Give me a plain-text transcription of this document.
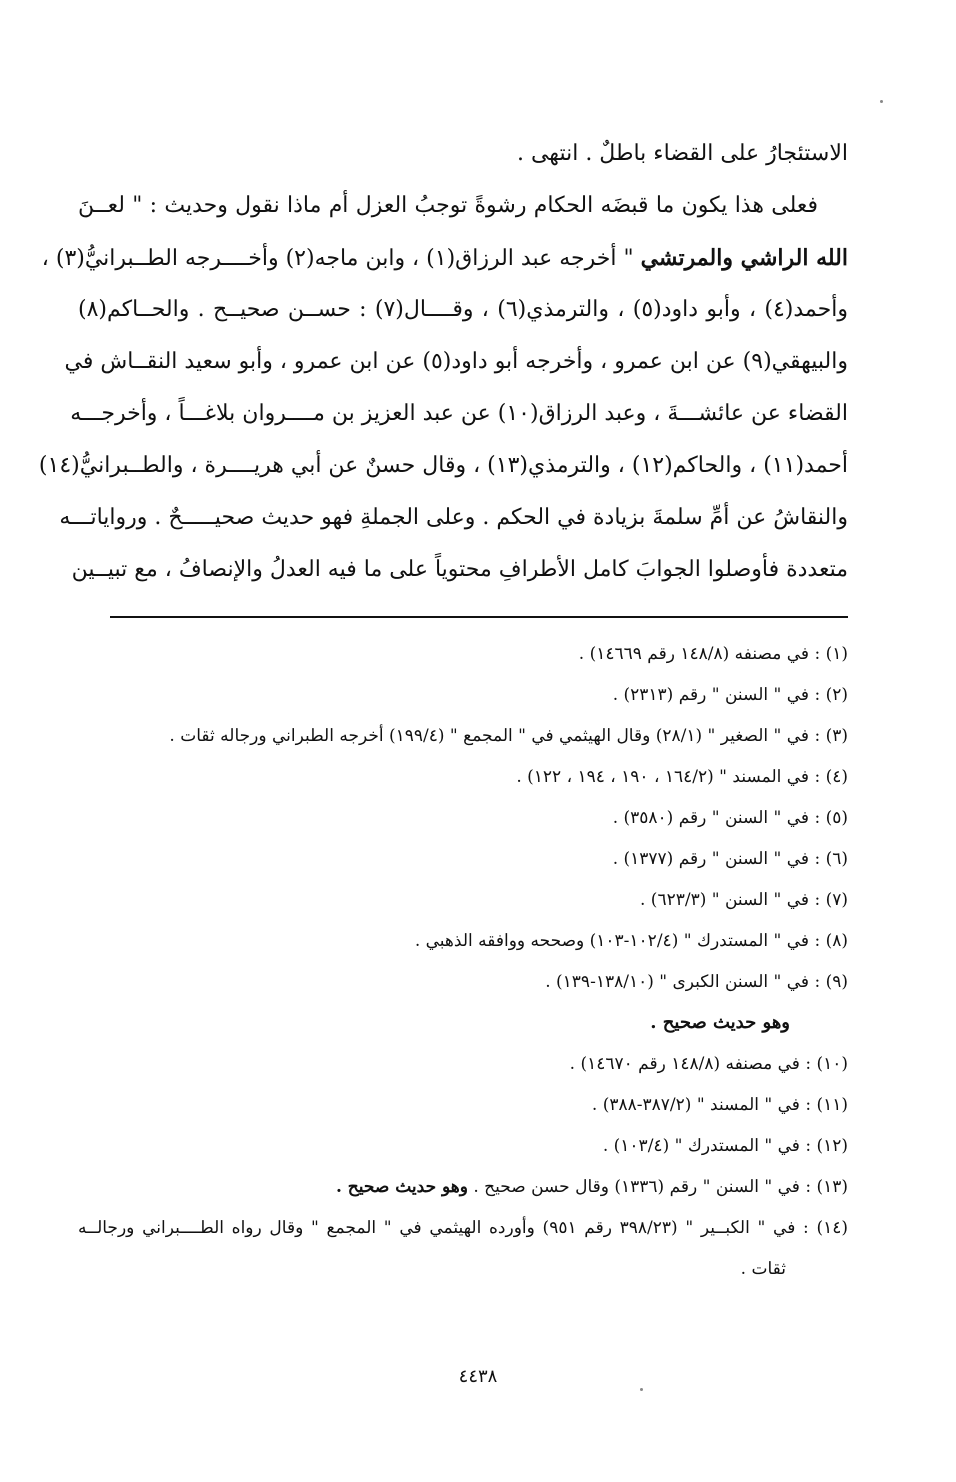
الاستئجارُ على القضاء باطلٌ . انتهى .
فعلى هذا يكون ما قبضَه الحكام رشوةً توجبُ العزل أم ماذا نقول وحديث : " لعــنَ
الله الراشي والمرتشي " أخرجه عبد الرزاق(١) ، وابن ماجه(٢) وأخــــرجه الطــبرانيُّ(٣) ،
وأحمد(٤) ، وأبو داود(٥) ، والترمذي(٦) ، وقــــال(٧) : حســن صحيــح . والحــاكم(٨)
والبيهقي(٩) عن ابن عمرو ، وأخرجه أبو داود(٥) عن ابن عمرو ، وأبو سعيد النقــاش في
القضاء عن عائشـــةَ ، وعبد الرزاق(١٠) عن عبد العزيز بن مــــروان بلاغـــاً ، وأخرجـــه
أحمد(١١) ، والحاكم(١٢) ، والترمذي(١٣) ، وقال حسنٌ عن أبي هريــــرة ، والطــبرانيُّ(١٤)
والنقاشُ عن أمِّ سلمةَ بزيادة في الحكم . وعلى الجملةِ فهو حديث صحيـــــحٌ . ورواياتـــه
متعددة فأوصلوا الجوابَ كامل الأطرافِ محتوياً على ما فيه العدلُ والإنصافُ ، مع تبيــين
(١) : في مصنفه (١٤٨/٨ رقم ١٤٦٦٩) .
(٢) : في " السنن " رقم (٢٣١٣) .
(٣) : في " الصغير " (٢٨/١) وقال الهيثمي في " المجمع " (١٩٩/٤) أخرجه الطبراني ورجاله ثقات .
(٤) : في المسند " (١٦٤/٢ ، ١٩٠ ، ١٩٤ ، ١٢٢) .
(٥) : في " السنن " رقم (٣٥٨٠) .
(٦) : في " السنن " رقم (١٣٧٧) .
(٧) : في " السنن " (٦٢٣/٣) .
(٨) : في " المستدرك " (١٠٢/٤-١٠٣) وصححه ووافقه الذهبي .
(٩) : في " السنن الكبرى " (١٣٨/١٠-١٣٩) .
وهو حديث صحيح .
(١٠) : في مصنفه (١٤٨/٨ رقم ١٤٦٧٠) .
(١١) : في " المسند " (٣٨٧/٢-٣٨٨) .
(١٢) : في " المستدرك " (١٠٣/٤) .
(١٣) : في " السنن " رقم (١٣٣٦) وقال حسن صحيح . وهو حديث صحيح .
(١٤) : في " الكبــير " (٣٩٨/٢٣ رقم ٩٥١) وأورده الهيثمي في " المجمع " وقال رواه الطــــبراني ورجالــه
ثقات .
٤٤٣٨
